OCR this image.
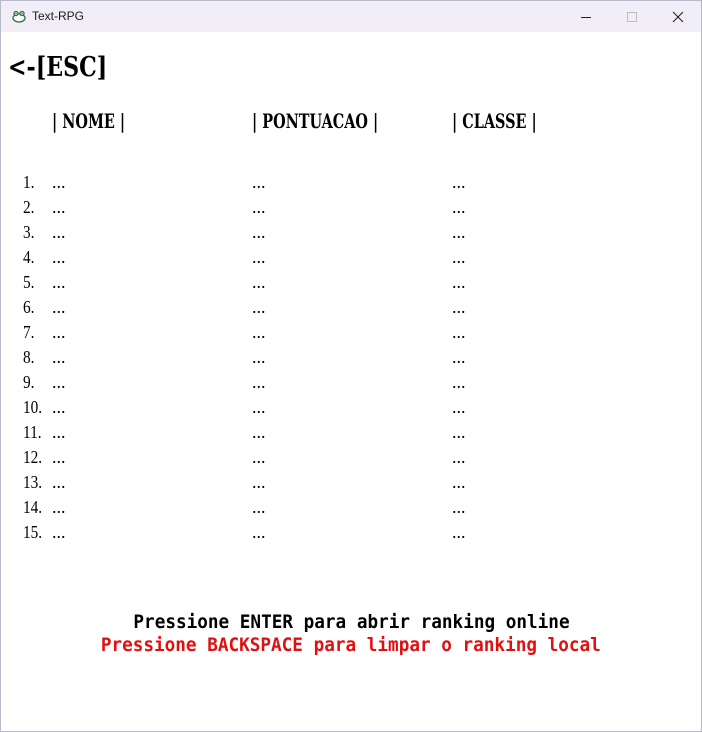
Text-RPG
<-[ESC]
| NOME |	| PONTUACAO |	| CLASSE |
1. ...	...	...
2. ...	...	...
3. ...	...	...
4. ...	...	...
5. ...	...	...
6. ...	...	...
7. ...	...	...
8. ...	...	...
9. ...	...	...
10. ...	...	...
11. ...	...	...
12. ...	...	...
13. ...	...	...
14. ...	...	...
15. ...	...	...
Pressione ENTER para abrir ranking online
Pressione BACKSPACE para limpar o ranking local
